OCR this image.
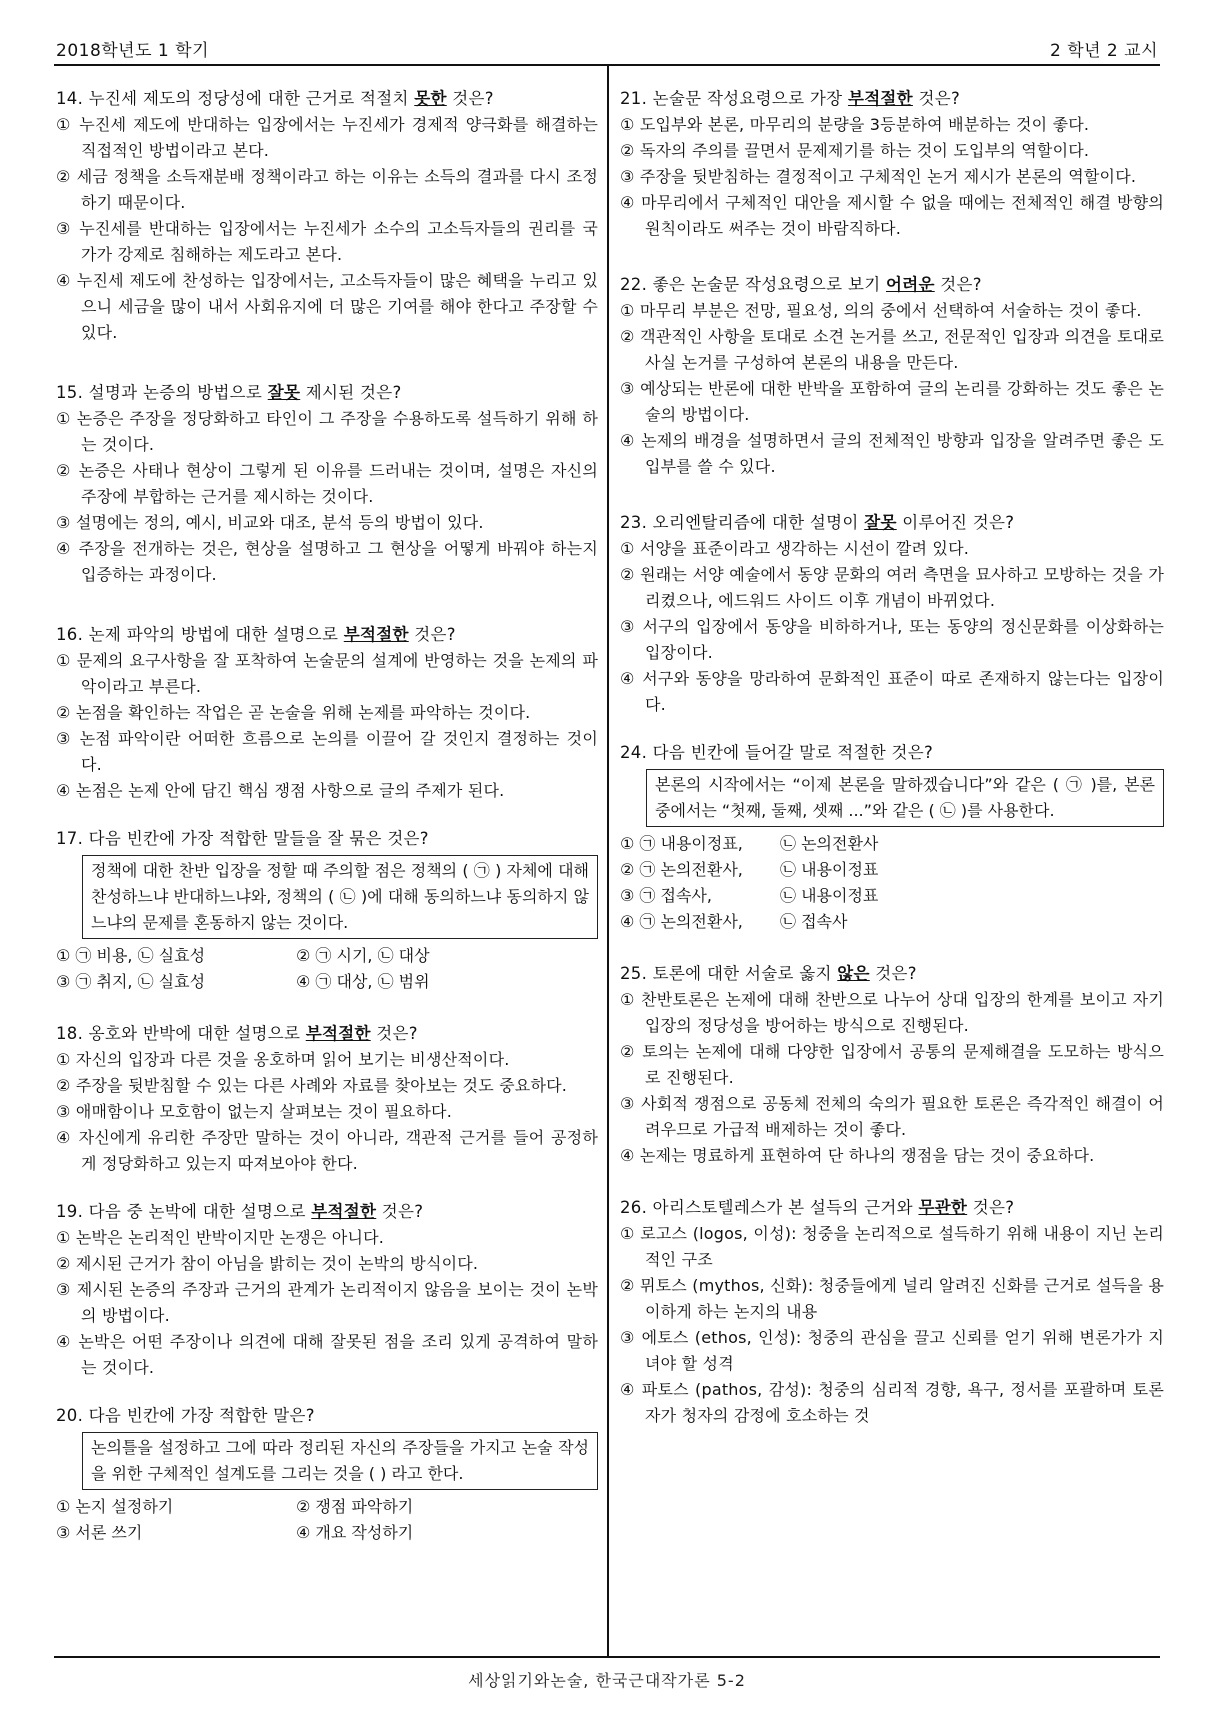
2018학년도 1 학기	2 학년 2 교시
14. 누진세 제도의 정당성에 대한 근거로 적절치 못한 것은?
① 누진세 제도에 반대하는 입장에서는 누진세가 경제적 양극화를 해결하는 직접적인 방법이라고 본다.
② 세금 정책을 소득재분배 정책이라고 하는 이유는 소득의 결과를 다시 조정하기 때문이다.
③ 누진세를 반대하는 입장에서는 누진세가 소수의 고소득자들의 권리를 국가가 강제로 침해하는 제도라고 본다.
④ 누진세 제도에 찬성하는 입장에서는, 고소득자들이 많은 혜택을 누리고 있으니 세금을 많이 내서 사회유지에 더 많은 기여를 해야 한다고 주장할 수 있다.
15. 설명과 논증의 방법으로 잘못 제시된 것은?
① 논증은 주장을 정당화하고 타인이 그 주장을 수용하도록 설득하기 위해 하는 것이다.
② 논증은 사태나 현상이 그렇게 된 이유를 드러내는 것이며, 설명은 자신의 주장에 부합하는 근거를 제시하는 것이다.
③ 설명에는 정의, 예시, 비교와 대조, 분석 등의 방법이 있다.
④ 주장을 전개하는 것은, 현상을 설명하고 그 현상을 어떻게 바꿔야 하는지 입증하는 과정이다.
16. 논제 파악의 방법에 대한 설명으로 부적절한 것은?
① 문제의 요구사항을 잘 포착하여 논술문의 설계에 반영하는 것을 논제의 파악이라고 부른다.
② 논점을 확인하는 작업은 곧 논술을 위해 논제를 파악하는 것이다.
③ 논점 파악이란 어떠한 흐름으로 논의를 이끌어 갈 것인지 결정하는 것이다.
④ 논점은 논제 안에 담긴 핵심 쟁점 사항으로 글의 주제가 된다.
17. 다음 빈칸에 가장 적합한 말들을 잘 묶은 것은?
정책에 대한 찬반 입장을 정할 때 주의할 점은 정책의 ( ㉠ ) 자체에 대해 찬성하느냐 반대하느냐와, 정책의 ( ㉡ )에 대해 동의하느냐 동의하지 않느냐의 문제를 혼동하지 않는 것이다.
① ㉠ 비용, ㉡ 실효성	② ㉠ 시기, ㉡ 대상
③ ㉠ 취지, ㉡ 실효성	④ ㉠ 대상, ㉡ 범위
18. 옹호와 반박에 대한 설명으로 부적절한 것은?
① 자신의 입장과 다른 것을 옹호하며 읽어 보기는 비생산적이다.
② 주장을 뒷받침할 수 있는 다른 사례와 자료를 찾아보는 것도 중요하다.
③ 애매함이나 모호함이 없는지 살펴보는 것이 필요하다.
④ 자신에게 유리한 주장만 말하는 것이 아니라, 객관적 근거를 들어 공정하게 정당화하고 있는지 따져보아야 한다.
19. 다음 중 논박에 대한 설명으로 부적절한 것은?
① 논박은 논리적인 반박이지만 논쟁은 아니다.
② 제시된 근거가 참이 아님을 밝히는 것이 논박의 방식이다.
③ 제시된 논증의 주장과 근거의 관계가 논리적이지 않음을 보이는 것이 논박의 방법이다.
④ 논박은 어떤 주장이나 의견에 대해 잘못된 점을 조리 있게 공격하여 말하는 것이다.
20. 다음 빈칸에 가장 적합한 말은?
논의틀을 설정하고 그에 따라 정리된 자신의 주장들을 가지고 논술 작성을 위한 구체적인 설계도를 그리는 것을 ( ) 라고 한다.
① 논지 설정하기	② 쟁점 파악하기
③ 서론 쓰기	④ 개요 작성하기
21. 논술문 작성요령으로 가장 부적절한 것은?
① 도입부와 본론, 마무리의 분량을 3등분하여 배분하는 것이 좋다.
② 독자의 주의를 끌면서 문제제기를 하는 것이 도입부의 역할이다.
③ 주장을 뒷받침하는 결정적이고 구체적인 논거 제시가 본론의 역할이다.
④ 마무리에서 구체적인 대안을 제시할 수 없을 때에는 전체적인 해결 방향의 원칙이라도 써주는 것이 바람직하다.
22. 좋은 논술문 작성요령으로 보기 어려운 것은?
① 마무리 부분은 전망, 필요성, 의의 중에서 선택하여 서술하는 것이 좋다.
② 객관적인 사항을 토대로 소견 논거를 쓰고, 전문적인 입장과 의견을 토대로 사실 논거를 구성하여 본론의 내용을 만든다.
③ 예상되는 반론에 대한 반박을 포함하여 글의 논리를 강화하는 것도 좋은 논술의 방법이다.
④ 논제의 배경을 설명하면서 글의 전체적인 방향과 입장을 알려주면 좋은 도입부를 쓸 수 있다.
23. 오리엔탈리즘에 대한 설명이 잘못 이루어진 것은?
① 서양을 표준이라고 생각하는 시선이 깔려 있다.
② 원래는 서양 예술에서 동양 문화의 여러 측면을 묘사하고 모방하는 것을 가리켰으나, 에드워드 사이드 이후 개념이 바뀌었다.
③ 서구의 입장에서 동양을 비하하거나, 또는 동양의 정신문화를 이상화하는 입장이다.
④ 서구와 동양을 망라하여 문화적인 표준이 따로 존재하지 않는다는 입장이다.
24. 다음 빈칸에 들어갈 말로 적절한 것은?
본론의 시작에서는 “이제 본론을 말하겠습니다”와 같은 ( ㉠ )를, 본론 중에서는 “첫째, 둘째, 셋째 ...”와 같은 ( ㉡ )를 사용한다.
① ㉠ 내용이정표,	㉡ 논의전환사
② ㉠ 논의전환사,	㉡ 내용이정표
③ ㉠ 접속사,	㉡ 내용이정표
④ ㉠ 논의전환사,	㉡ 접속사
25. 토론에 대한 서술로 옳지 않은 것은?
① 찬반토론은 논제에 대해 찬반으로 나누어 상대 입장의 한계를 보이고 자기 입장의 정당성을 방어하는 방식으로 진행된다.
② 토의는 논제에 대해 다양한 입장에서 공통의 문제해결을 도모하는 방식으로 진행된다.
③ 사회적 쟁점으로 공동체 전체의 숙의가 필요한 토론은 즉각적인 해결이 어려우므로 가급적 배제하는 것이 좋다.
④ 논제는 명료하게 표현하여 단 하나의 쟁점을 담는 것이 중요하다.
26. 아리스토텔레스가 본 설득의 근거와 무관한 것은?
① 로고스 (logos, 이성): 청중을 논리적으로 설득하기 위해 내용이 지닌 논리적인 구조
② 뮈토스 (mythos, 신화): 청중들에게 널리 알려진 신화를 근거로 설득을 용이하게 하는 논지의 내용
③ 에토스 (ethos, 인성): 청중의 관심을 끌고 신뢰를 얻기 위해 변론가가 지녀야 할 성격
④ 파토스 (pathos, 감성): 청중의 심리적 경향, 욕구, 정서를 포괄하며 토론자가 청자의 감정에 호소하는 것
세상읽기와논술, 한국근대작가론 5-2
